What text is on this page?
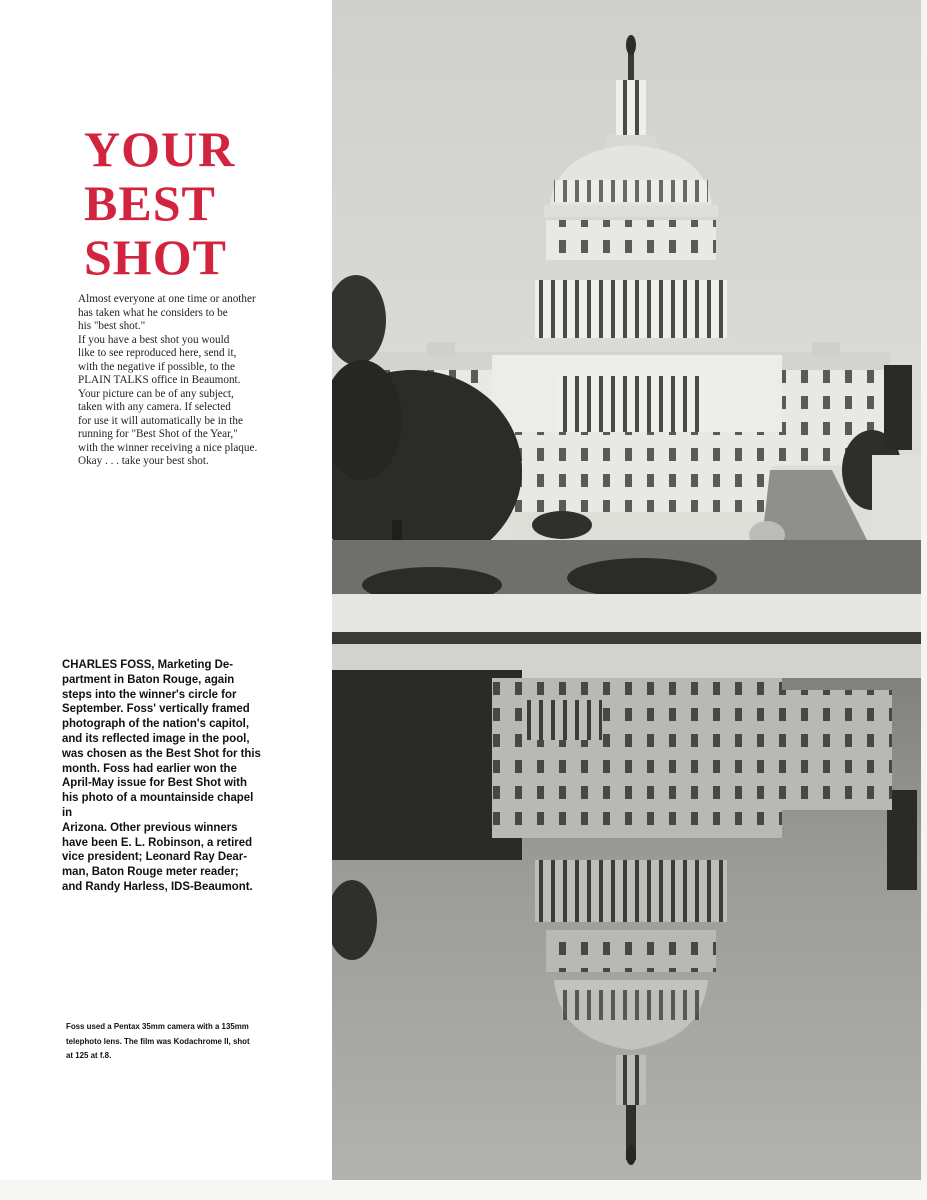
YOUR
BEST
SHOT

Almost everyone at one time or another

has taken what he considers to be

his "best shot."

If you have a best shot you would

like to see reproduced here, send it,

with the negative if possible, to the

PLAIN TALKS office in Beaumont.

Your picture can be of any subject,

taken with any camera. If selected

for use it will automatically be in the

running for "Best Shot of the Year,"

with the winner receiving a nice plaque.

Okay . . . take your best shot.

CHARLES FOSS, Marketing De-
partment in Baton Rouge, again
steps into the winner's circle for
September. Foss' vertically framed
photograph of the nation's capitol,
and its reflected image in the pool,
was chosen as the Best Shot for this
month. Foss had earlier won the
April-May issue for Best Shot with
his photo of a mountainside chapel in
Arizona. Other previous winners
have been E. L. Robinson, a retired
vice president; Leonard Ray Dear-
man, Baton Rouge meter reader;
and Randy Harless, IDS-Beaumont.
Foss used a Pentax 35mm camera with a 135mm
telephoto lens. The film was Kodachrome II, shot
at 125 at f.8.
